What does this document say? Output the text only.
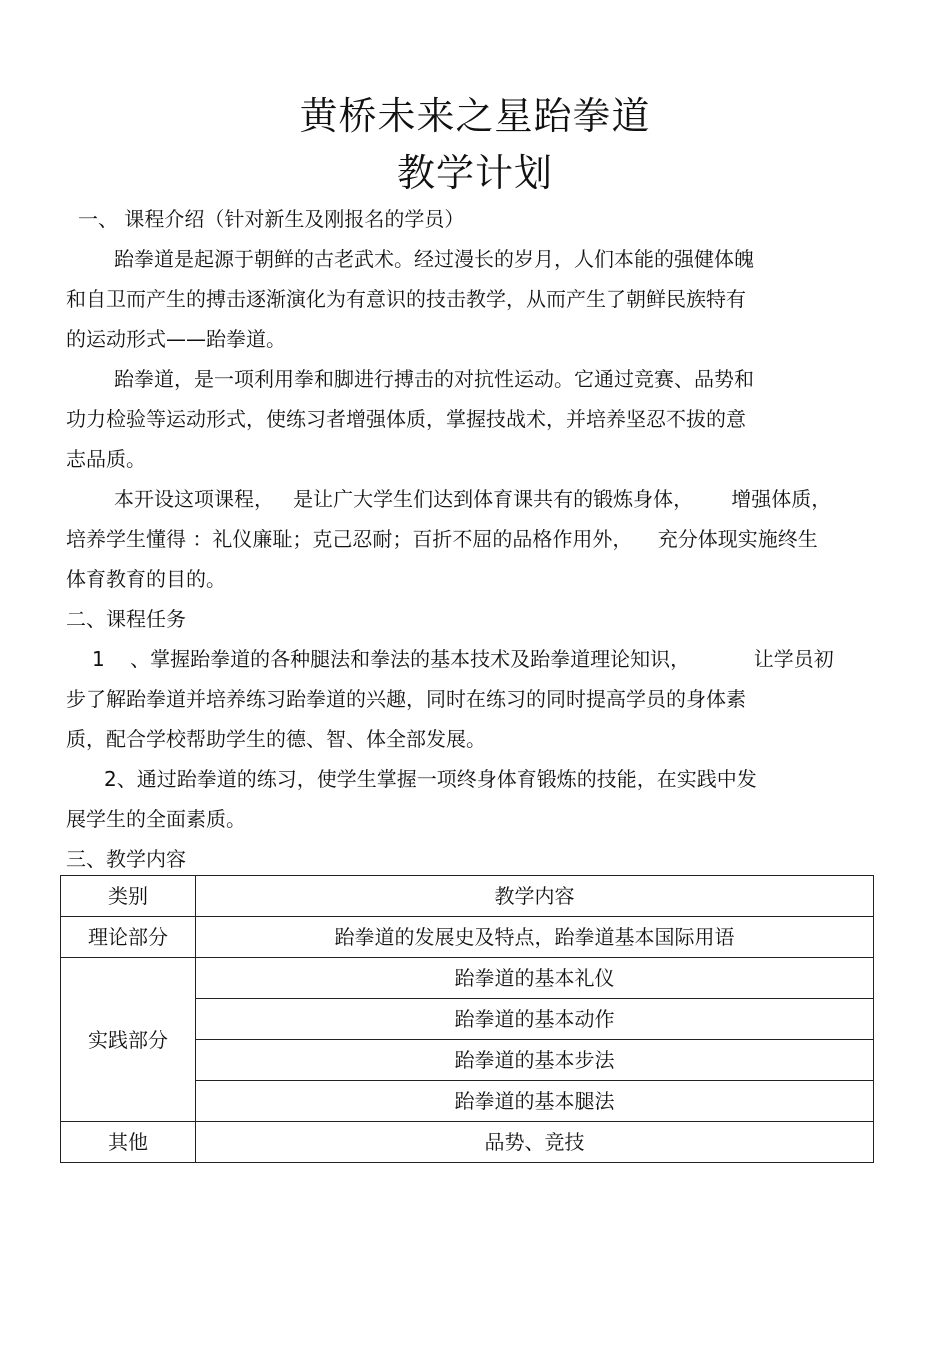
黄桥未来之星跆拳道
教学计划
一、 课程介绍（针对新生及刚报名的学员）
跆拳道是起源于朝鲜的古老武术。经过漫长的岁月，人们本能的强健体魄
和自卫而产生的搏击逐渐演化为有意识的技击教学，从而产生了朝鲜民族特有
的运动形式——跆拳道。
跆拳道，是一项利用拳和脚进行搏击的对抗性运动。它通过竞赛、品势和
功力检验等运动形式，使练习者增强体质，掌握技战术，并培养坚忍不拔的意
志品质。
本开设这项课程，   是让广大学生们达到体育课共有的锻炼身体，      增强体质，
培养学生懂得 ：礼仪廉耻；克己忍耐；百折不屈的品格作用外，    充分体现实施终生
体育教育的目的。
二、课程任务
1    、掌握跆拳道的各种腿法和拳法的基本技术及跆拳道理论知识，          让学员初
步了解跆拳道并培养练习跆拳道的兴趣，同时在练习的同时提高学员的身体素
质，配合学校帮助学生的德、智、体全部发展。
2、通过跆拳道的练习，使学生掌握一项终身体育锻炼的技能，在实践中发
展学生的全面素质。
三、教学内容
类别	教学内容
理论部分	跆拳道的发展史及特点，跆拳道基本国际用语
实践部分	跆拳道的基本礼仪
	跆拳道的基本动作
	跆拳道的基本步法
	跆拳道的基本腿法
其他	品势、竞技
